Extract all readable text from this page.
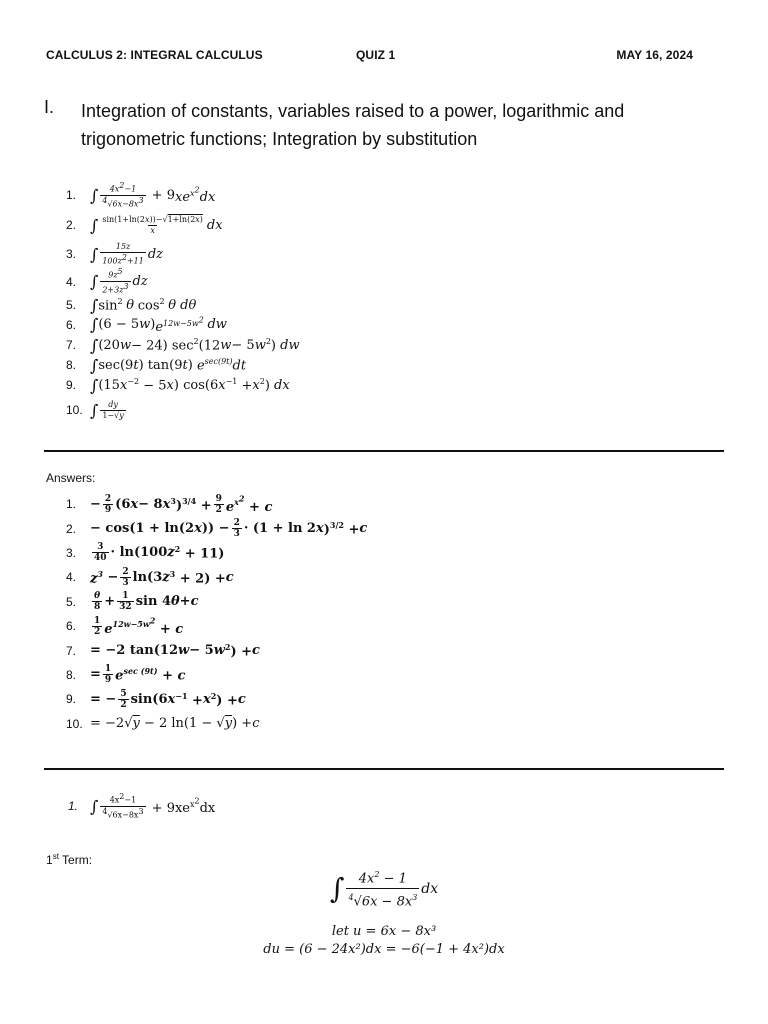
CALCULUS 2: INTEGRAL CALCULUS	QUIZ 1	MAY 16, 2024
I. Integration of constants, variables raised to a power, logarithmic and trigonometric functions; Integration by substitution
1. ∫ $4x^2-1$
$^4√6x-8x^3 + 9$ $xe^{x^2}dx$
2. ∫ sin(1+ln(2x))−√1+ln(2x)
x	dx
3. ∫ 15z
$100z^2+11$ dz
4. ∫ $9z^5$
$2+3z^3$ dz
5. ∫ $\sin^2$
θ
$\cos^2$
θ dθ
6. ∫ (6 − 5 w ) $e^{12w-5w^2}$
dw
7. ∫ (20 w − 24) $\sec^2(12$ w − 5 w $^2$) dw
8. ∫ sec(9 t ) tan(9 t ) $e^{sec(9t)}dt$
9. ∫ (15 x $^{-2}$ − 5 x ) cos(6 x $^{-1}$ + x $^2$) dx
10. ∫ dy
1−√y
Answers:
1.	− $\frac{2}{9} (6$ x − 8 x $^3)^{3/4} + \frac{9}{2} e^{x^2} + c$
2.	− cos(1 + ln(2 x )) − $\frac{2}{3} \cdot (1 + \ln 2$ x )$^{3/2}$ + c
3.	3
40 · ln(100 z $^2$ + 11)
4.	$z^3 - \frac{2}{3} \ln(3$ z $^3$ + 2) + c
5.	θ
$8 + \frac{1}{32}$ sin 4 θ + c
6.	1
2 $e^{12w-5w^2} + c$
7.	= −2 tan(12 w − 5 w $^2$) + c
8.	= $\frac{1}{9} e^{sec (9t)} + c$
9.	= − $\frac{5}{2} \sin(6$ x $^{-1}$ + x $^2$) + c
10. = −2√y − 2 ln(1 − √y) + c
1. ∫ $4x^2-1$
$^4√6x-8x^3 + 9xe^{x^2}dx$
1st Term:
∫ $4x^2 - 1$
$^4√6x - 8x^3$
dx
let u = 6x − 8x³
du = (6 − 24x²)dx = −6(−1 + 4x²)dx
